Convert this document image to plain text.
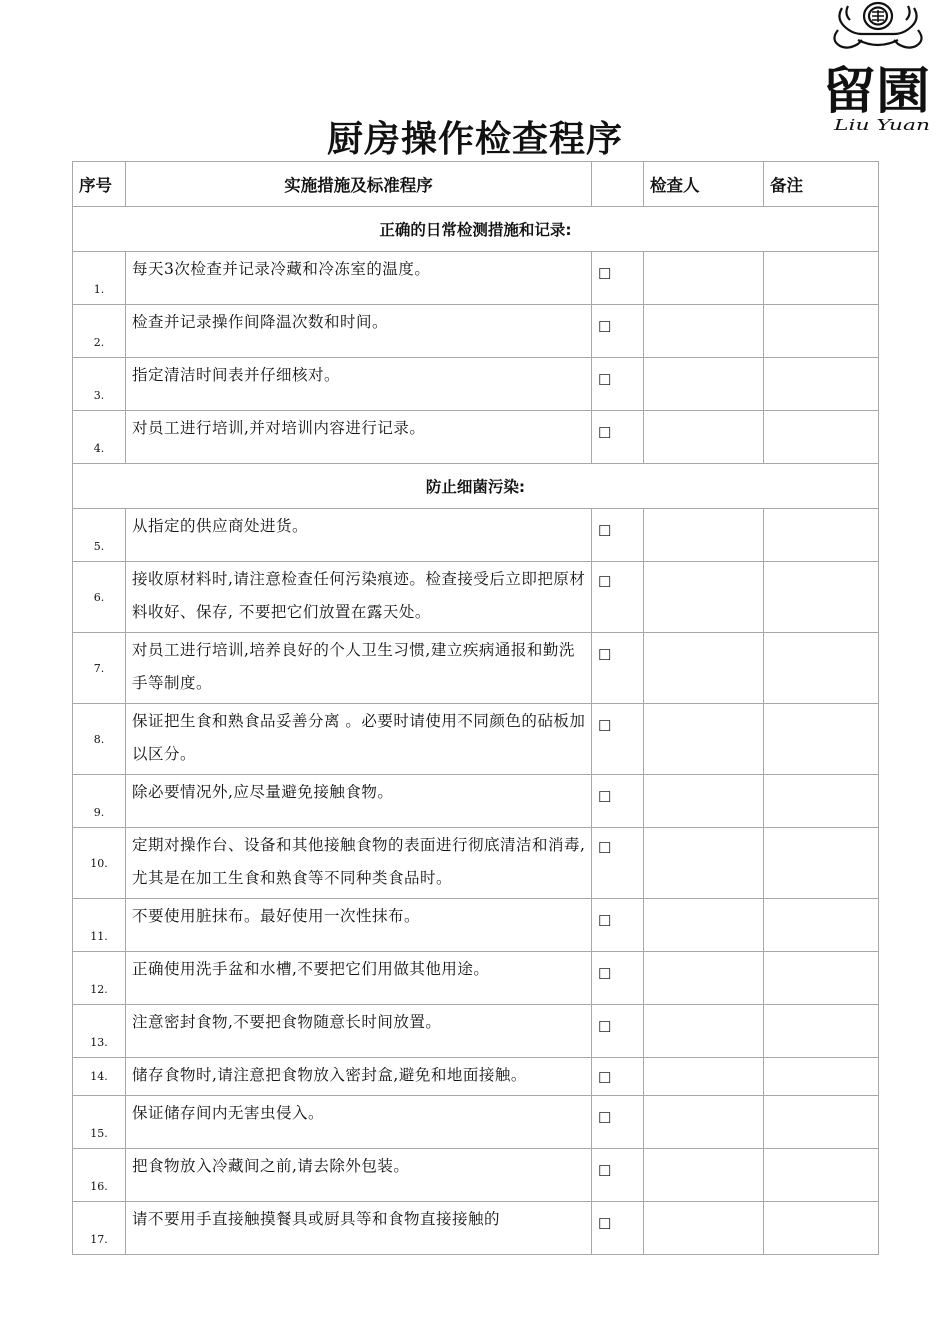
留園
Liu Yuan
厨房操作检查程序
序号	实施措施及标准程序		检查人	备注
正确的日常检测措施和记录:				
1.	每天3次检查并记录冷藏和冷冻室的温度。	☐		
2.	检查并记录操作间降温次数和时间。	☐		
3.	指定清洁时间表并仔细核对。	☐		
4.	对员工进行培训,并对培训内容进行记录。	☐		
防止细菌污染:				
5.	从指定的供应商处进货。	☐		
6.	接收原材料时,请注意检查任何污染痕迹。检查接受后立即把原材料收好、保存, 不要把它们放置在露天处。	☐		
7.	对员工进行培训,培养良好的个人卫生习惯,建立疾病通报和勤洗手等制度。	☐		
8.	保证把生食和熟食品妥善分离 。必要时请使用不同颜色的砧板加以区分。	☐		
9.	除必要情况外,应尽量避免接触食物。	☐		
10.	定期对操作台、设备和其他接触食物的表面进行彻底清洁和消毒,尤其是在加工生食和熟食等不同种类食品时。	☐		
11.	不要使用脏抹布。最好使用一次性抹布。	☐		
12.	正确使用洗手盆和水槽,不要把它们用做其他用途。	☐		
13.	注意密封食物,不要把食物随意长时间放置。	☐		
14.	储存食物时,请注意把食物放入密封盒,避免和地面接触。	☐		
15.	保证储存间内无害虫侵入。	☐		
16.	把食物放入冷藏间之前,请去除外包装。	☐		
17.	请不要用手直接触摸餐具或厨具等和食物直接接触的	☐		
